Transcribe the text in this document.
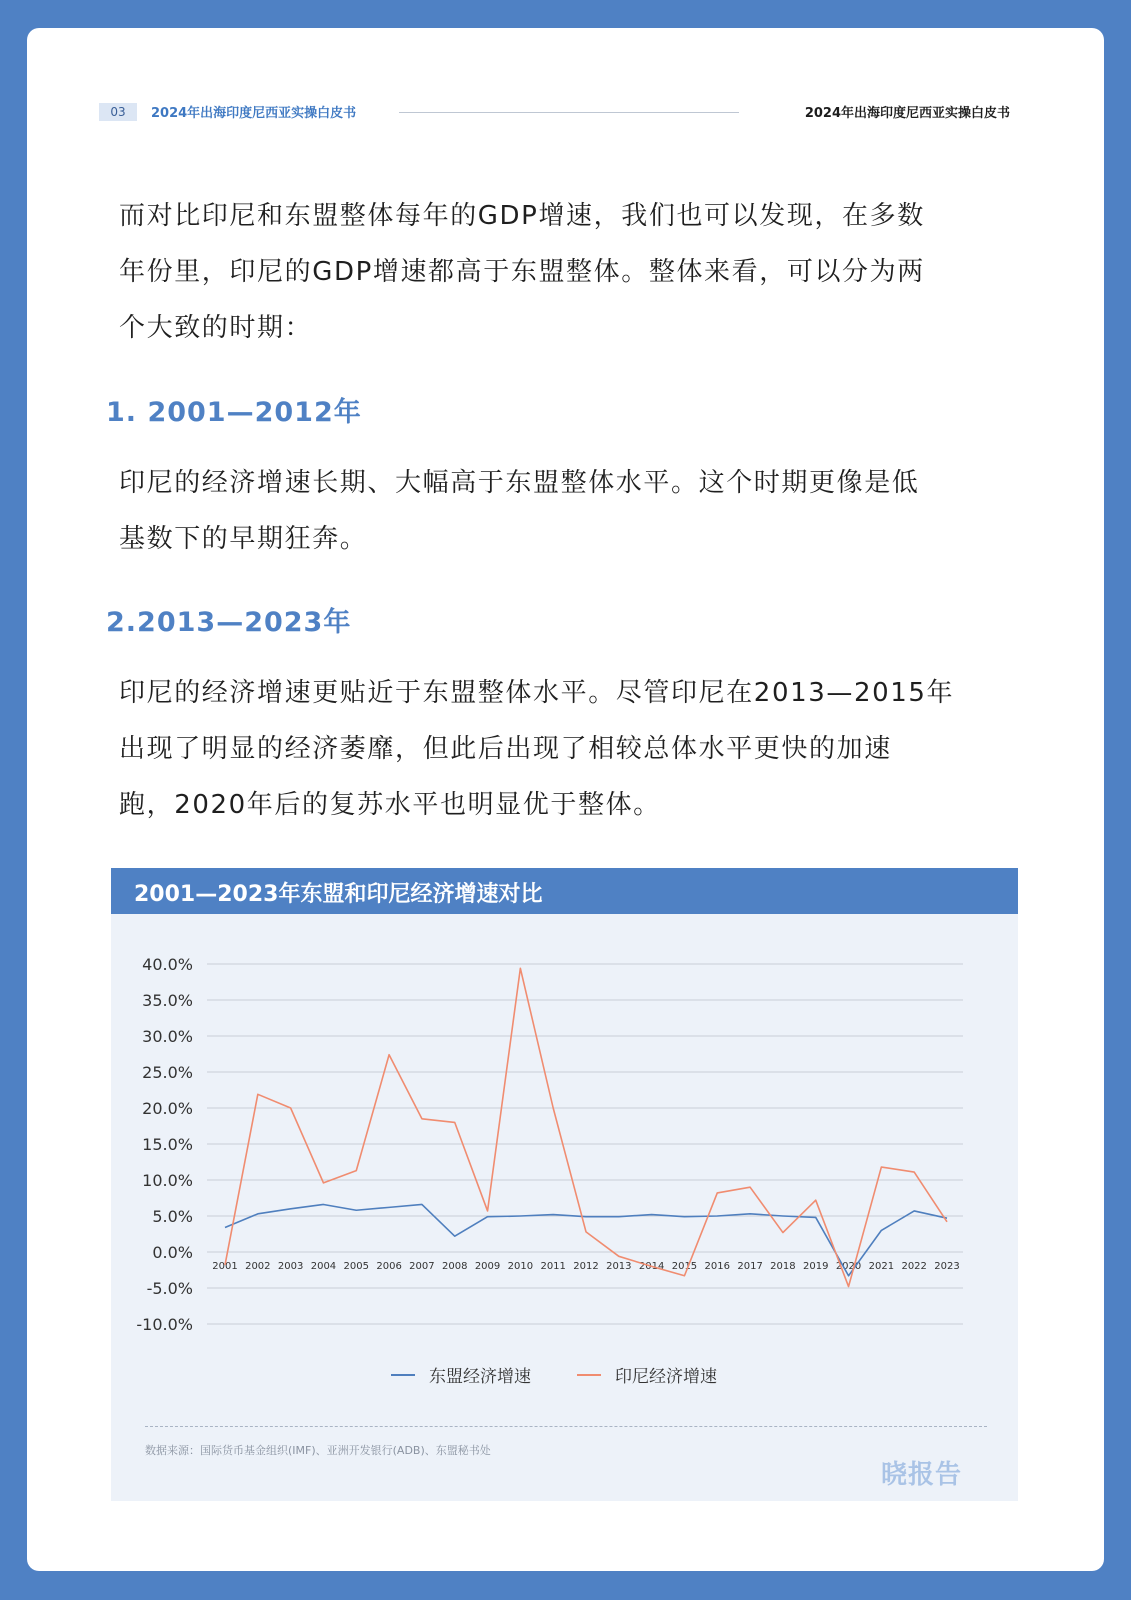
03	2024年出海印度尼西亚实操白皮书	2024年出海印度尼西亚实操白皮书

而对比印尼和东盟整体每年的GDP增速，我们也可以发现，在多数
年份里，印尼的GDP增速都高于东盟整体。整体来看，可以分为两
个大致的时期：

1. 2001—2012年

印尼的经济增速长期、大幅高于东盟整体水平。这个时期更像是低
基数下的早期狂奔。

2.2013—2023年

印尼的经济增速更贴近于东盟整体水平。尽管印尼在2013—2015年
出现了明显的经济萎靡，但此后出现了相较总体水平更快的加速
跑，2020年后的复苏水平也明显优于整体。

2001—2023年东盟和印尼经济增速对比
40.0%
35.0%
30.0%
25.0%
20.0%
15.0%
10.0%
5.0%
0.0%
-5.0%
-10.0%
2001 2002 2003 2004 2005 2006 2007 2008 2009 2010 2011 2012 2013 2014 2015 2016 2017 2018 2019 2020 2021 2022 2023
东盟经济增速	印尼经济增速
数据来源：国际货币基金组织(IMF)、亚洲开发银行(ADB)、东盟秘书处
晓报告
